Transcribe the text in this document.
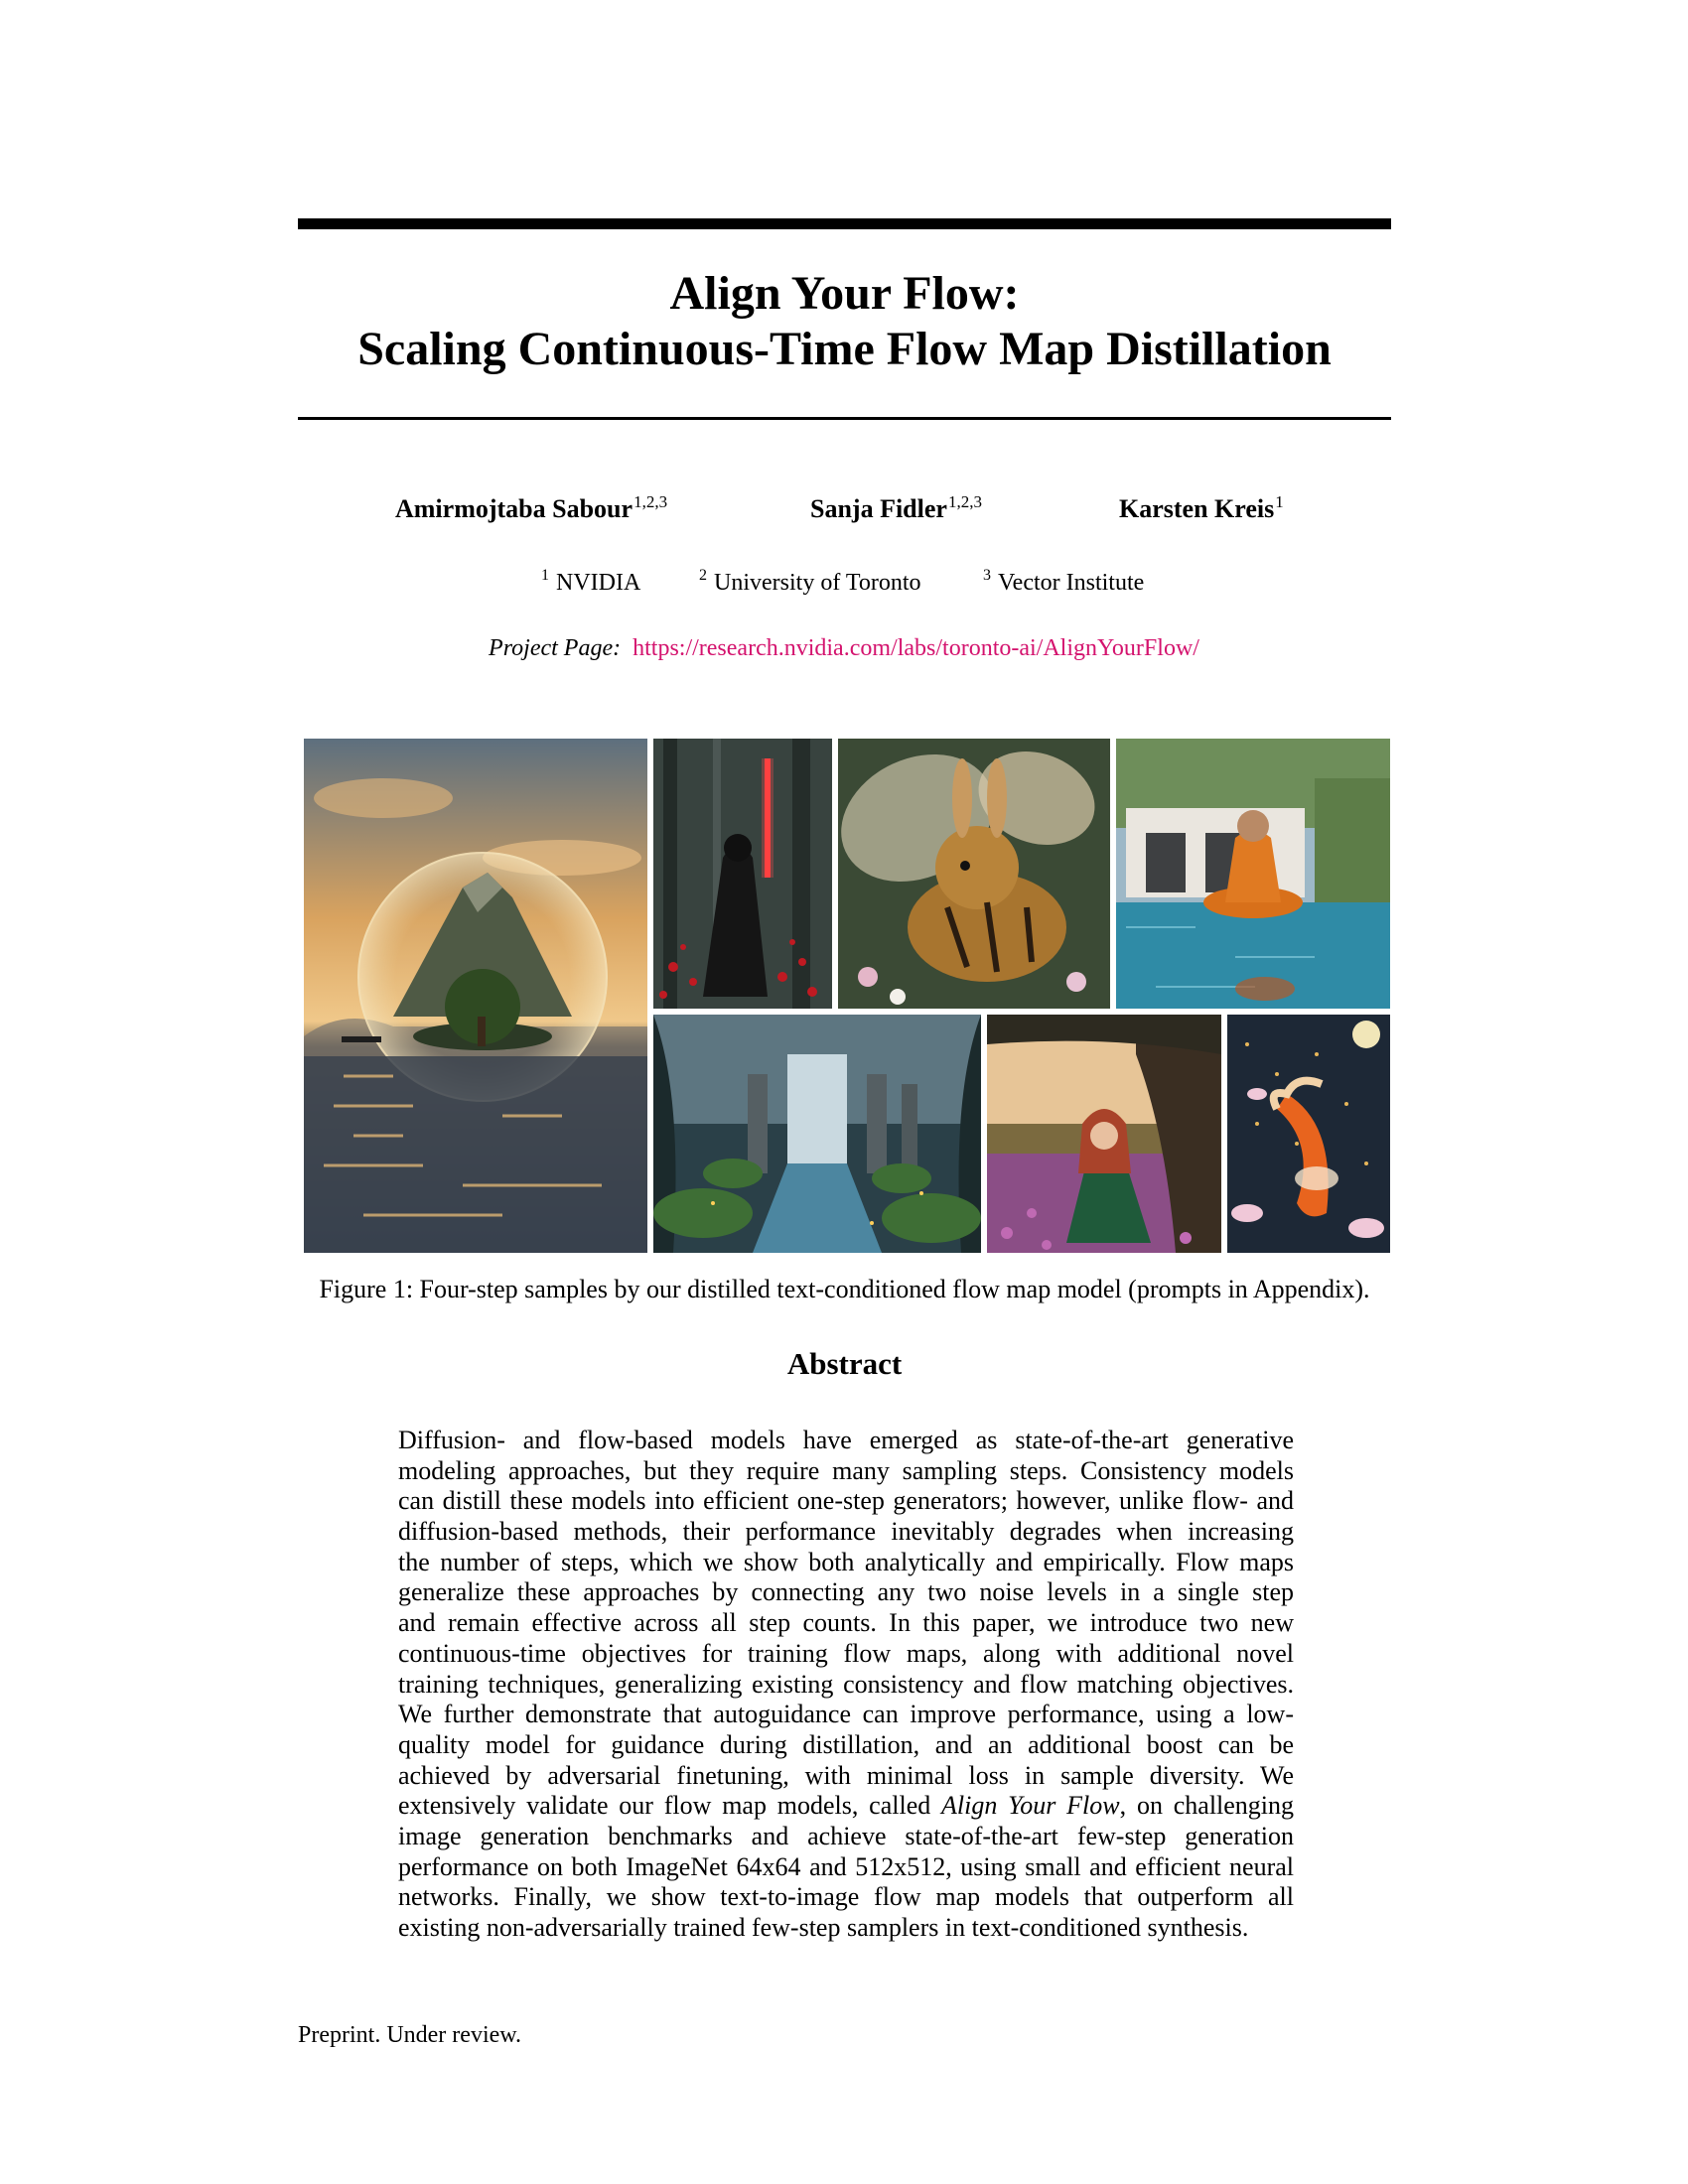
Align Your Flow:
Scaling Continuous-Time Flow Map Distillation
Amirmojtaba Sabour$^{1,2,3}$	Sanja Fidler$^{1,2,3}$	Karsten Kreis$^1$
$^1$ NVIDIA	$^2$ University of Toronto	$^3$ Vector Institute
Project Page: https://research.nvidia.com/labs/toronto-ai/AlignYourFlow/
Figure 1: Four-step samples by our distilled text-conditioned flow map model (prompts in Appendix).
Abstract
Diffusion- and flow-based models have emerged as state-of-the-art generative
modeling approaches, but they require many sampling steps. Consistency models
can distill these models into efficient one-step generators; however, unlike flow- and
diffusion-based methods, their performance inevitably degrades when increasing
the number of steps, which we show both analytically and empirically. Flow maps
generalize these approaches by connecting any two noise levels in a single step
and remain effective across all step counts. In this paper, we introduce two new
continuous-time objectives for training flow maps, along with additional novel
training techniques, generalizing existing consistency and flow matching objectives.
We further demonstrate that autoguidance can improve performance, using a low-
quality model for guidance during distillation, and an additional boost can be
achieved by adversarial finetuning, with minimal loss in sample diversity. We
extensively validate our flow map models, called Align Your Flow, on challenging
image generation benchmarks and achieve state-of-the-art few-step generation
performance on both ImageNet 64x64 and 512x512, using small and efficient neural
networks. Finally, we show text-to-image flow map models that outperform all
existing non-adversarially trained few-step samplers in text-conditioned synthesis.
Preprint. Under review.
